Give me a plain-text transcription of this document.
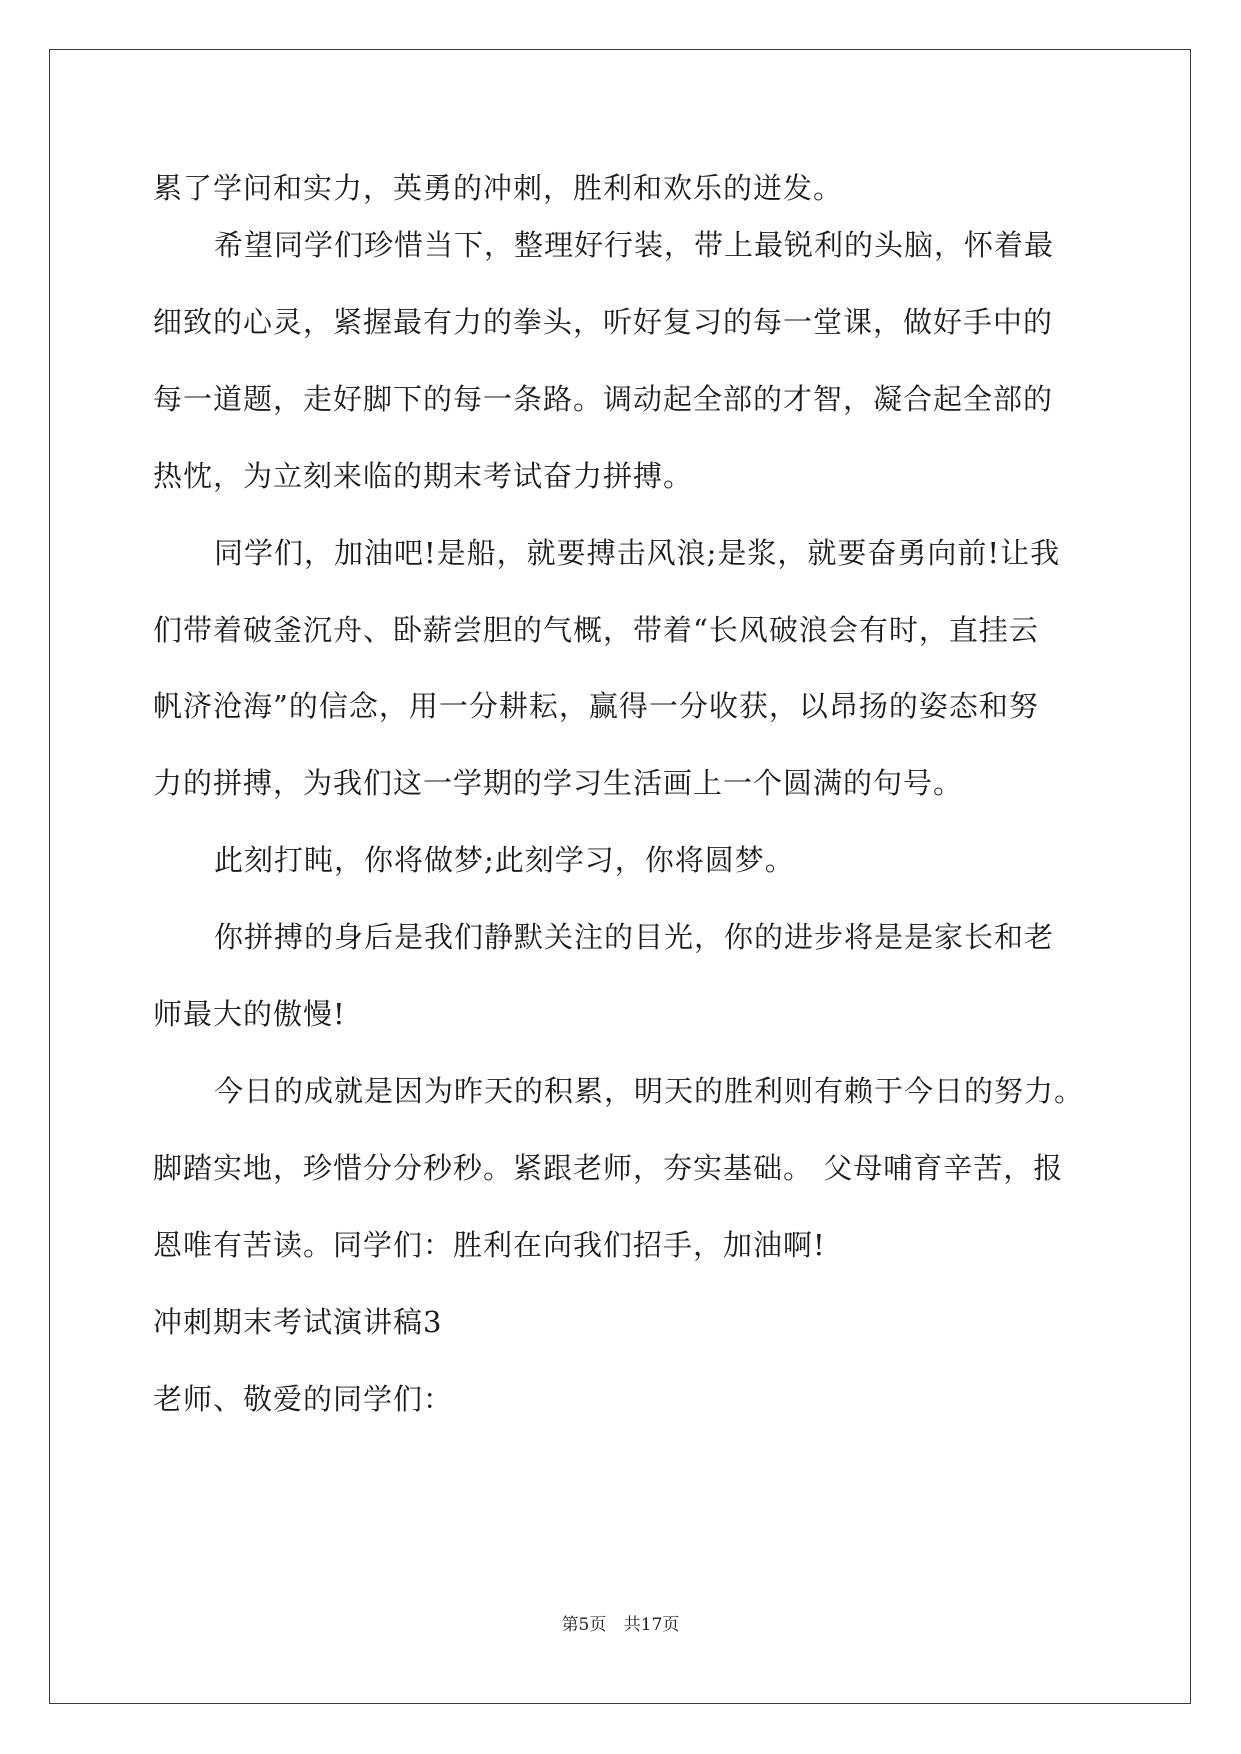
累了学问和实力，英勇的冲刺，胜利和欢乐的迸发。
希望同学们珍惜当下，整理好行装，带上最锐利的头脑，怀着最
细致的心灵，紧握最有力的拳头，听好复习的每一堂课，做好手中的
每一道题，走好脚下的每一条路。调动起全部的才智，凝合起全部的
热忱，为立刻来临的期末考试奋力拼搏。
同学们，加油吧!是船，就要搏击风浪;是浆，就要奋勇向前!让我
们带着破釜沉舟、卧薪尝胆的气概，带着“长风破浪会有时，直挂云
帆济沧海”的信念，用一分耕耘，赢得一分收获，以昂扬的姿态和努
力的拼搏，为我们这一学期的学习生活画上一个圆满的句号。
此刻打盹，你将做梦;此刻学习，你将圆梦。
你拼搏的身后是我们静默关注的目光，你的进步将是是家长和老
师最大的傲慢!
今日的成就是因为昨天的积累，明天的胜利则有赖于今日的努力。
脚踏实地，珍惜分分秒秒。紧跟老师，夯实基础。 父母哺育辛苦，报
恩唯有苦读。同学们：胜利在向我们招手，加油啊!
冲刺期末考试演讲稿3
老师、敬爱的同学们：
第5页 共17页
